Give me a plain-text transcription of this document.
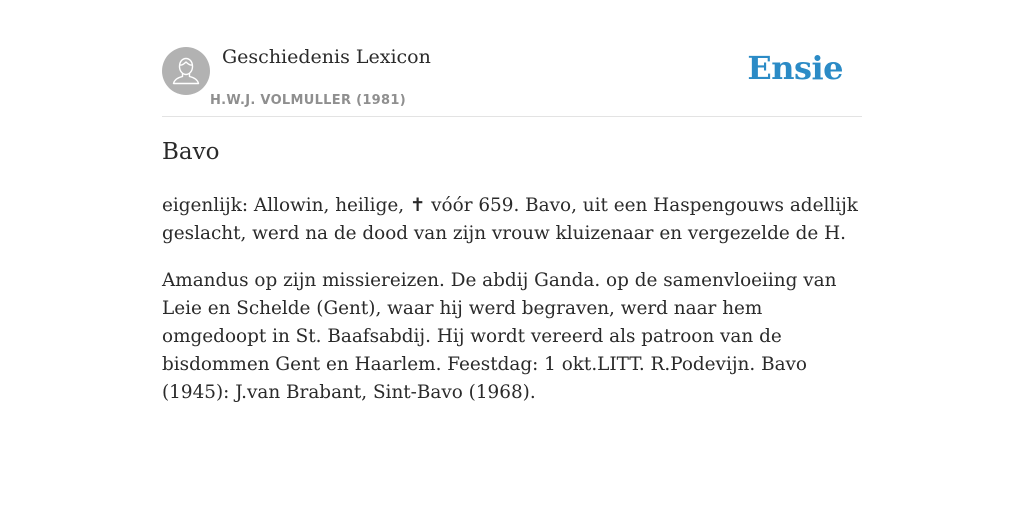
Geschiedenis Lexicon
H.W.J. VOLMULLER (1981)
Ensie
Bavo

eigenlijk: Allowin, heilige, ✝ vóór 659. Bavo, uit een Haspengouws adellijk geslacht, werd na de dood van zijn vrouw kluizenaar en vergezelde de H.

Amandus op zijn missiereizen. De abdij Ganda. op de samenvloeiing van Leie en Schelde (Gent), waar hij werd begraven, werd naar hem omgedoopt in St. Baafsabdij. Hij wordt vereerd als patroon van de bisdommen Gent en Haarlem. Feestdag: 1 okt.LITT. R.Podevijn. Bavo (1945): J.van Brabant, Sint-Bavo (1968).
